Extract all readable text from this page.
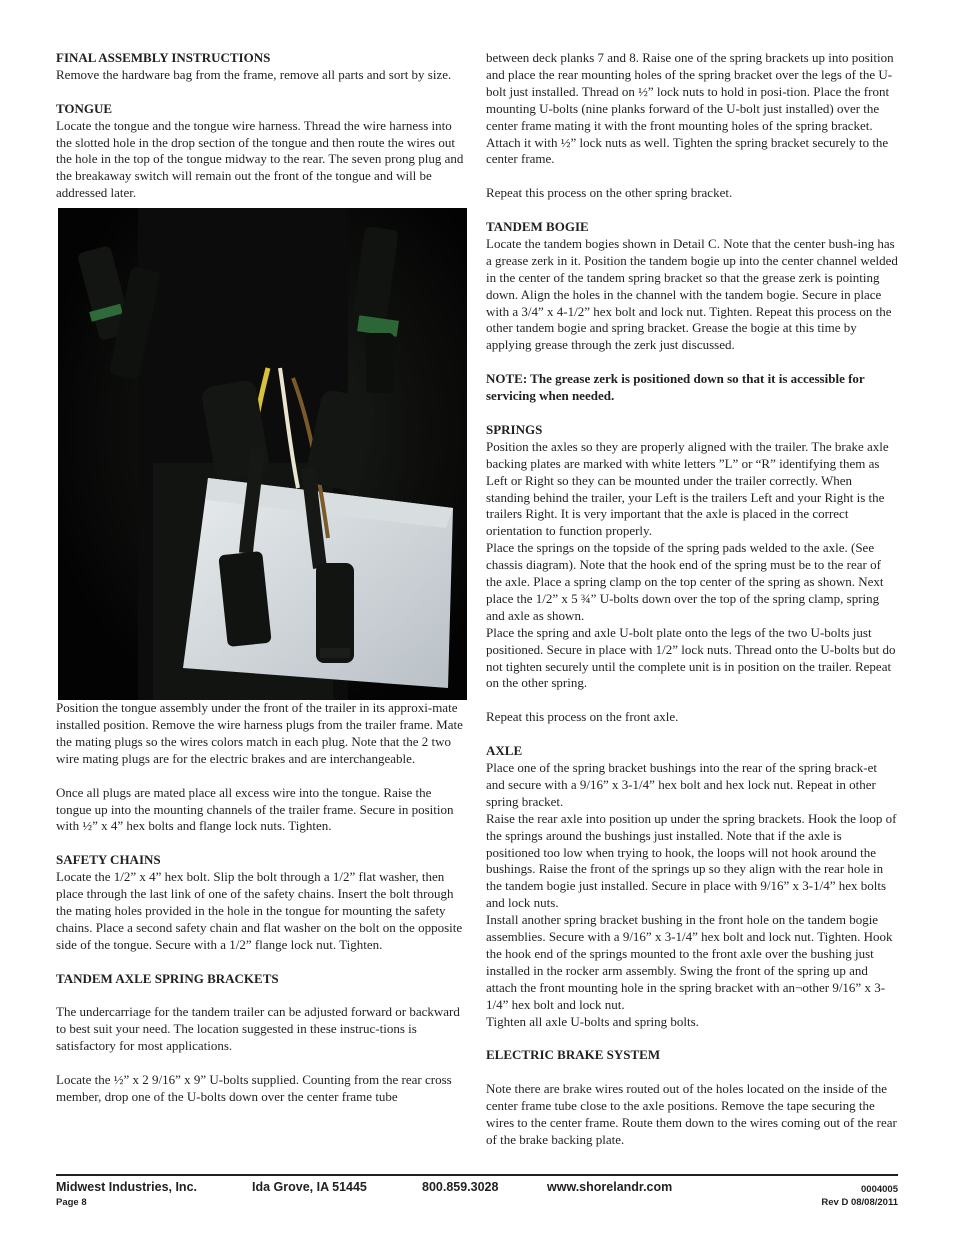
FINAL ASSEMBLY INSTRUCTIONS

Remove the hardware bag from the frame, remove all parts and sort by size.

TONGUE

Locate the tongue and the tongue wire harness. Thread the wire harness into the slotted hole in the drop section of the tongue and then route the wires out the hole in the top of the tongue midway to the rear. The seven prong plug and the breakaway switch will remain out the front of the tongue and will be addressed later.

Position the tongue assembly under the front of the trailer in its approxi-mate installed position. Remove the wire harness plugs from the trailer frame. Mate the mating plugs so the wires colors match in each plug. Note that the 2 two wire mating plugs are for the electric brakes and are interchangeable.

Once all plugs are mated place all excess wire into the tongue. Raise the tongue up into the mounting channels of the trailer frame. Secure in position with ½” x 4” hex bolts and flange lock nuts. Tighten.

SAFETY CHAINS

Locate the 1/2” x 4” hex bolt. Slip the bolt through a 1/2” flat washer, then place through the last link of one of the safety chains. Insert the bolt through the mating holes provided in the hole in the tongue for mounting the safety chains. Place a second safety chain and flat washer on the bolt on the opposite side of the tongue. Secure with a 1/2” flange lock nut. Tighten.

TANDEM AXLE SPRING BRACKETS

The undercarriage for the tandem trailer can be adjusted forward or backward to best suit your need. The location suggested in these instruc-tions is satisfactory for most applications.

Locate the ½” x 2 9/16” x 9” U-bolts supplied. Counting from the rear cross member, drop one of the U-bolts down over the center frame tube

between deck planks 7 and 8. Raise one of the spring brackets up into position and place the rear mounting holes of the spring bracket over the legs of the U-bolt just installed. Thread on ½” lock nuts to hold in posi-tion. Place the front mounting U-bolts (nine planks forward of the U-bolt just installed) over the center frame mating it with the front mounting holes of the spring bracket. Attach it with ½” lock nuts as well. Tighten the spring bracket securely to the center frame.

Repeat this process on the other spring bracket.

TANDEM BOGIE

Locate the tandem bogies shown in Detail C. Note that the center bush-ing has a grease zerk in it. Position the tandem bogie up into the center channel welded in the center of the tandem spring bracket so that the grease zerk is pointing down. Align the holes in the channel with the tandem bogie. Secure in place with a 3/4” x 4-1/2” hex bolt and lock nut. Tighten. Repeat this process on the other tandem bogie and spring bracket. Grease the bogie at this time by applying grease through the zerk just discussed.

NOTE: The grease zerk is positioned down so that it is accessible for servicing when needed.
SPRINGS

Position the axles so they are properly aligned with the trailer. The brake axle backing plates are marked with white letters ”L” or “R” identifying them as Left or Right so they can be mounted under the trailer correctly. When standing behind the trailer, your Left is the trailers Left and your Right is the trailers Right. It is very important that the axle is placed in the correct orientation to function properly.

Place the springs on the topside of the spring pads welded to the axle. (See chassis diagram). Note that the hook end of the spring must be to the rear of the axle. Place a spring clamp on the top center of the spring as shown. Next place the 1/2” x 5 ¾” U-bolts down over the top of the spring clamp, spring and axle as shown.

Place the spring and axle U-bolt plate onto the legs of the two U-bolts just positioned. Secure in place with 1/2” lock nuts. Thread onto the U-bolts but do not tighten securely until the complete unit is in position on the trailer. Repeat on the other spring.

Repeat this process on the front axle.

AXLE

Place one of the spring bracket bushings into the rear of the spring brack-et and secure with a 9/16” x 3-1/4” hex bolt and hex lock nut. Repeat in other spring bracket.

Raise the rear axle into position up under the spring brackets. Hook the loop of the springs around the bushings just installed. Note that if the axle is positioned too low when trying to hook, the loops will not hook around the bushings. Raise the front of the springs up so they align with the rear hole in the tandem bogie just installed. Secure in place with 9/16” x 3-1/4” hex bolts and lock nuts.

Install another spring bracket bushing in the front hole on the tandem bogie assemblies. Secure with a 9/16” x 3-1/4” hex bolt and lock nut. Tighten. Hook the hook end of the springs mounted to the front axle over the bushing just installed in the rocker arm assembly. Swing the front of the spring up and attach the front mounting hole in the spring bracket with an¬other 9/16” x 3-1/4” hex bolt and lock nut.

Tighten all axle U-bolts and spring bolts.

ELECTRIC BRAKE SYSTEM

Note there are brake wires routed out of the holes located on the inside of the center frame tube close to the axle positions. Remove the tape securing the wires to the center frame. Route them down to the wires coming out of the rear of the brake backing plate.

Midwest Industries, Inc.	Ida Grove, IA 51445	800.859.3028	www.shorelandr.com	0004005
Page 8	Rev D 08/08/2011
